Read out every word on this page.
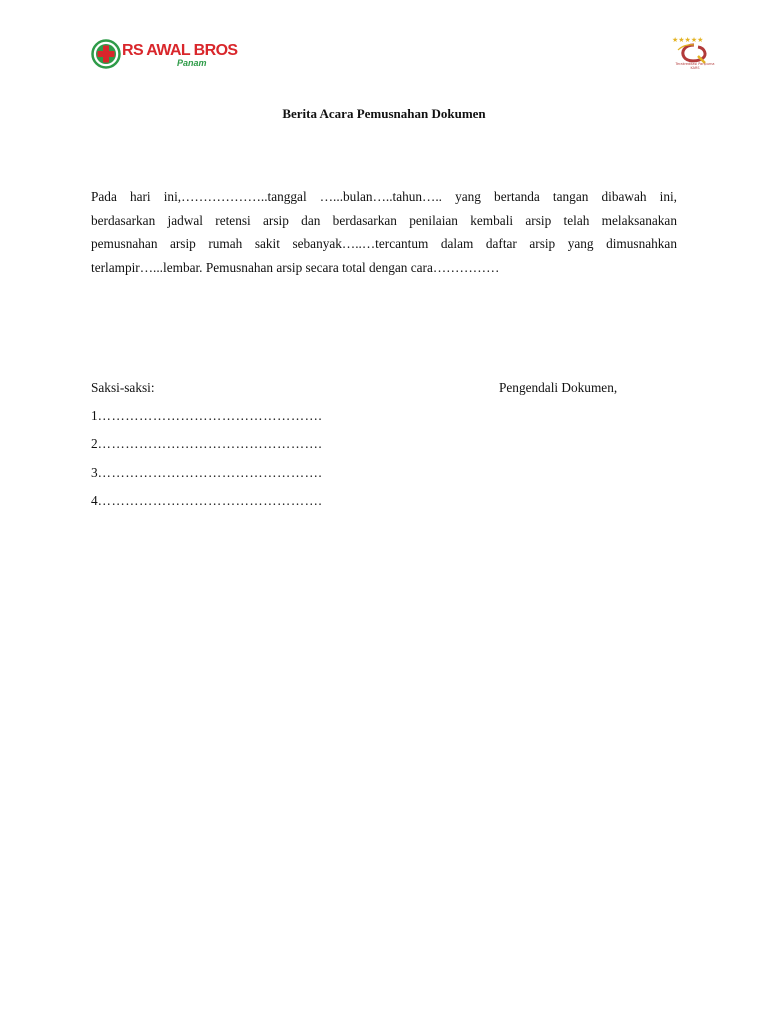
RS AWAL BROS
Panam
★★★★★
Terakreditasi Paripurna
KARS
Berita Acara Pemusnahan Dokumen
Pada hari ini,………………..tanggal …...bulan…..tahun….. yang bertanda tangan dibawah ini,
berdasarkan jadwal retensi arsip dan berdasarkan penilaian kembali arsip telah melaksanakan
pemusnahan arsip rumah sakit sebanyak…..…tercantum dalam daftar arsip yang dimusnahkan
terlampir…...lembar. Pemusnahan arsip secara total dengan cara……………
Saksi-saksi:	Pengendali Dokumen,
1………………………………………….
2………………………………………….
3………………………………………….
4………………………………………….
